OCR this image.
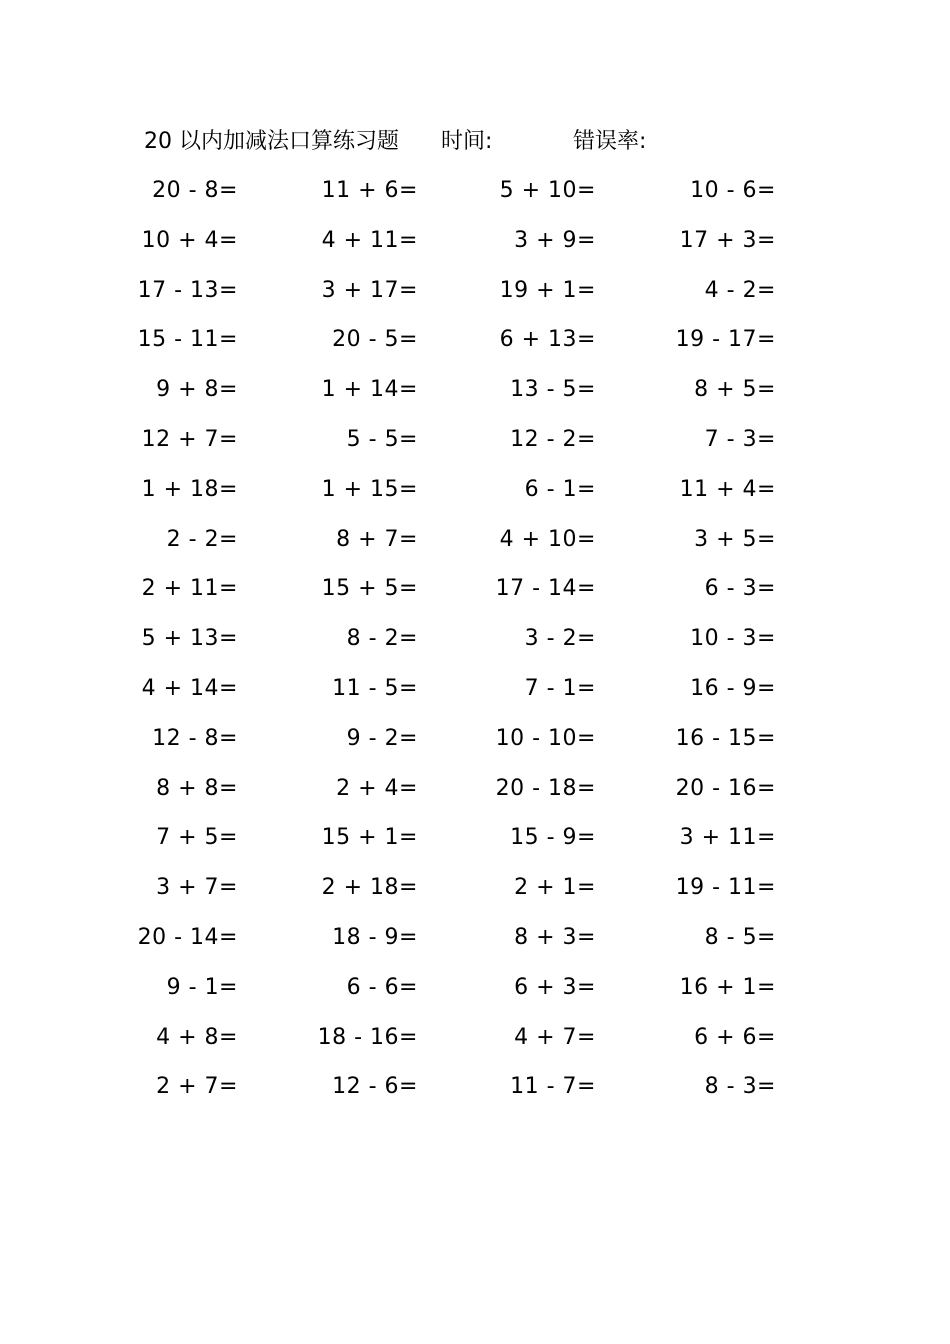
20 以内加减法口算练习题 时间:	错误率:
20 - 8=	11 + 6=	5 + 10=	10 - 6=
10 + 4=	4 + 11=	3 + 9=	17 + 3=
17 - 13=	3 + 17=	19 + 1=	4 - 2=
15 - 11=	20 - 5=	6 + 13=	19 - 17=
9 + 8=	1 + 14=	13 - 5=	8 + 5=
12 + 7=	5 - 5=	12 - 2=	7 - 3=
1 + 18=	1 + 15=	6 - 1=	11 + 4=
2 - 2=	8 + 7=	4 + 10=	3 + 5=
2 + 11=	15 + 5=	17 - 14=	6 - 3=
5 + 13=	8 - 2=	3 - 2=	10 - 3=
4 + 14=	11 - 5=	7 - 1=	16 - 9=
12 - 8=	9 - 2=	10 - 10=	16 - 15=
8 + 8=	2 + 4=	20 - 18=	20 - 16=
7 + 5=	15 + 1=	15 - 9=	3 + 11=
3 + 7=	2 + 18=	2 + 1=	19 - 11=
20 - 14=	18 - 9=	8 + 3=	8 - 5=
9 - 1=	6 - 6=	6 + 3=	16 + 1=
4 + 8=	18 - 16=	4 + 7=	6 + 6=
2 + 7=	12 - 6=	11 - 7=	8 - 3=
